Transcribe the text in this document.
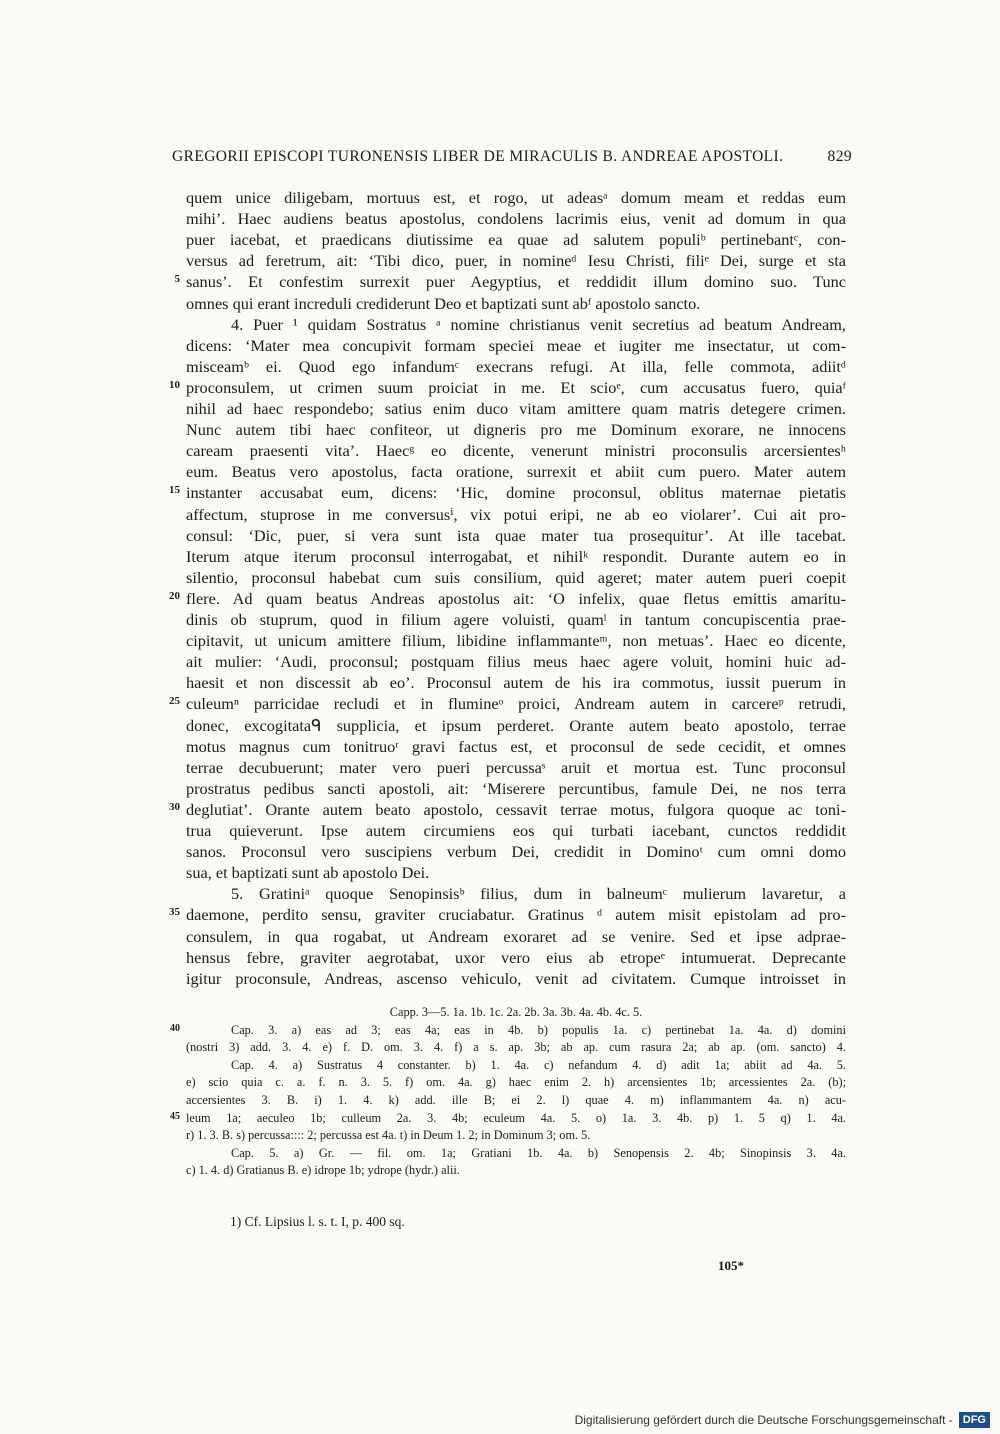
GREGORII EPISCOPI TURONENSIS LIBER DE MIRACULIS B. ANDREAE APOSTOLI.	829
quem unice diligebam, mortuus est, et rogo, ut adeasᵃ domum meam et reddas eum
mihi’. Haec audiens beatus apostolus, condolens lacrimis eius, venit ad domum in qua
puer iacebat, et praedicans diutissime ea quae ad salutem populiᵇ pertinebantᶜ, con-
versus ad feretrum, ait: ‘Tibi dico, puer, in nomineᵈ Iesu Christi, filiᵉ Dei, surge et sta
sanus’. Et confestim surrexit puer Aegyptius, et reddidit illum domino suo. Tunc
5
omnes qui erant increduli crediderunt Deo et baptizati sunt abᶠ apostolo sancto.
4. Puer ¹ quidam Sostratus ᵃ nomine christianus venit secretius ad beatum Andream,
dicens: ‘Mater mea concupivit formam speciei meae et iugiter me insectatur, ut com-
misceamᵇ ei. Quod ego infandumᶜ execrans refugi. At illa, felle commota, adiitᵈ
proconsulem, ut crimen suum proiciat in me. Et scioᵉ, cum accusatus fuero, quiaᶠ
10
nihil ad haec respondebo; satius enim duco vitam amittere quam matris detegere crimen.
Nunc autem tibi haec confiteor, ut digneris pro me Dominum exorare, ne innocens
caream praesenti vita’. Haecᵍ eo dicente, venerunt ministri proconsulis arcersientesʰ
eum. Beatus vero apostolus, facta oratione, surrexit et abiit cum puero. Mater autem
instanter accusabat eum, dicens: ‘Hic, domine proconsul, oblitus maternae pietatis
15
affectum, stuprose in me conversusⁱ, vix potui eripi, ne ab eo violarer’. Cui ait pro-
consul: ‘Dic, puer, si vera sunt ista quae mater tua prosequitur’. At ille tacebat.
Iterum atque iterum proconsul interrogabat, et nihilᵏ respondit. Durante autem eo in
silentio, proconsul habebat cum suis consilium, quid ageret; mater autem pueri coepit
flere. Ad quam beatus Andreas apostolus ait: ‘O infelix, quae fletus emittis amaritu-
20
dinis ob stuprum, quod in filium agere voluisti, quamˡ in tantum concupiscentia prae-
cipitavit, ut unicum amittere filium, libidine inflammanteᵐ, non metuas’. Haec eo dicente,
ait mulier: ‘Audi, proconsul; postquam filius meus haec agere voluit, homini huic ad-
haesit et non discessit ab eo’. Proconsul autem de his ira commotus, iussit puerum in
culeumⁿ parricidae recludi et in flumineᵒ proici, Andream autem in carcereᵖ retrudi,
25
donec, excogitataᑫ supplicia, et ipsum perderet. Orante autem beato apostolo, terrae
motus magnus cum tonitruoʳ gravi factus est, et proconsul de sede cecidit, et omnes
terrae decubuerunt; mater vero pueri percussaˢ aruit et mortua est. Tunc proconsul
prostratus pedibus sancti apostoli, ait: ‘Miserere percuntibus, famule Dei, ne nos terra
deglutiat’. Orante autem beato apostolo, cessavit terrae motus, fulgora quoque ac toni-
30
trua quieverunt. Ipse autem circumiens eos qui turbati iacebant, cunctos reddidit
sanos. Proconsul vero suscipiens verbum Dei, credidit in Dominoᵗ cum omni domo
sua, et baptizati sunt ab apostolo Dei.
5. Gratiniᵃ quoque Senopinsisᵇ filius, dum in balneumᶜ mulierum lavaretur, a
daemone, perdito sensu, graviter cruciabatur. Gratinus ᵈ autem misit epistolam ad pro-
35
consulem, in qua rogabat, ut Andream exoraret ad se venire. Sed et ipse adprae-
hensus febre, graviter aegrotabat, uxor vero eius ab etropeᵉ intumuerat. Deprecante
igitur proconsule, Andreas, ascenso vehiculo, venit ad civitatem. Cumque introisset in
Capp. 3—5. 1a. 1b. 1c. 2a. 2b. 3a. 3b. 4a. 4b. 4c. 5.
Cap. 3. a) eas ad 3; eas 4a; eas in 4b. b) populis 1a. c) pertinebat 1a. 4a. d) domini
40
(nostri 3) add. 3. 4. e) f. D. om. 3. 4. f) a s. ap. 3b; ab ap. cum rasura 2a; ab ap. (om. sancto) 4.
Cap. 4. a) Sustratus 4 constanter. b) 1. 4a. c) nefandum 4. d) adit 1a; abiit ad 4a. 5.
e) scio quia c. a. f. n. 3. 5. f) om. 4a. g) haec enim 2. h) arcensientes 1b; arcessientes 2a. (b);
accersientes 3. B. i) 1. 4. k) add. ille B; ei 2. l) quae 4. m) inflammantem 4a. n) acu-
leum 1a; aeculeo 1b; culleum 2a. 3. 4b; eculeum 4a. 5. o) 1a. 3. 4b. p) 1. 5 q) 1. 4a.
45
r) 1. 3. B. s) percussa:::: 2; percussa est 4a. t) in Deum 1. 2; in Dominum 3; om. 5.
Cap. 5. a) Gr. — fil. om. 1a; Gratiani 1b. 4a. b) Senopensis 2. 4b; Sinopinsis 3. 4a.
c) 1. 4. d) Gratianus B. e) idrope 1b; ydrope (hydr.) alii.
1) Cf. Lipsius l. s. t. I, p. 400 sq.
105*
Digitalisierung gefördert durch die Deutsche Forschungsgemeinschaft - DFG
